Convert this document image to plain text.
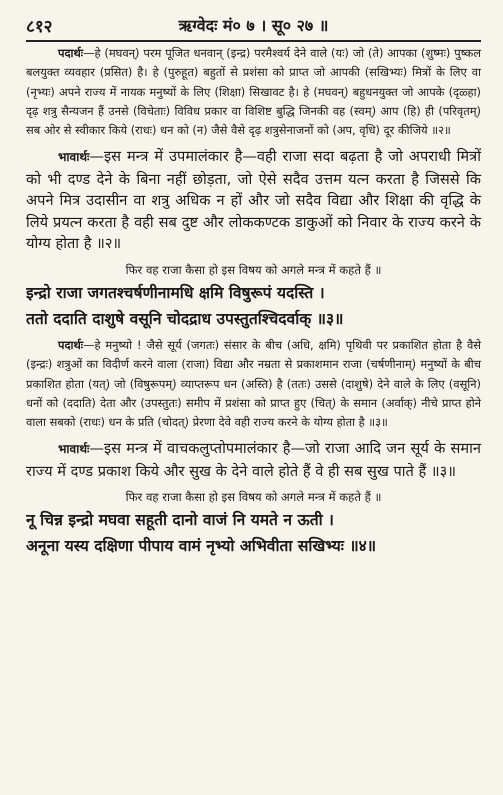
८१२	ऋग्वेदः मं० ७ । सू० २७ ॥

पदार्थः—हे (मघवन्) परम पूजित धनवान् (इन्द्र) परमैश्वर्य देने वाले (यः) जो (ते) आपका (शुष्मः) पुष्कल बलयुक्त व्यवहार (प्रसित) है। हे (पुरुहूत) बहुतों से प्रशंसा को प्राप्त जो आपकी (सखिभ्यः) मित्रों के लिए वा (नृभ्यः) अपने राज्य में नायक मनुष्यों के लिए (शिक्षा) सिखावट है। हे (मघवन्) बहुधनयुक्त जो आपके (दृळ्हा) दृढ़ शत्रु सैन्यजन हैं उनसे (विचेताः) विविध प्रकार वा विशिष्ट बुद्धि जिनकी वह (स्वम्) आप (हि) ही (परिवृतम्) सब ओर से स्वीकार किये (राधः) धन को (न) जैसे वैसे दृढ़ शत्रुसेनाजनों को (अप, वृधि) दूर कीजिये ॥२॥

भावार्थः—इस मन्त्र में उपमालंकार है—वही राजा सदा बढ़ता है जो अपराधी मित्रों को भी दण्ड देने के बिना नहीं छोड़ता, जो ऐसे सदैव उत्तम यत्न करता है जिससे कि अपने मित्र उदासीन वा शत्रु अधिक न हों और जो सदैव विद्या और शिक्षा की वृद्धि के लिये प्रयत्न करता है वही सब दुष्ट और लोककण्टक डाकुओं को निवार के राज्य करने के योग्य होता है ॥२॥

फिर वह राजा कैसा हो इस विषय को अगले मन्त्र में कहते हैं ॥

इन्द्रो राजा जगतश्चर्षणीनामधि क्षमि विषुरूपं यदस्ति ।

ततो ददाति दाशुषे वसूनि चोदद्राध उपस्तुतश्चिदर्वाक् ॥३॥

पदार्थः—हे मनुष्यो ! जैसे सूर्य (जगतः) संसार के बीच (अधि, क्षमि) पृथिवी पर प्रकाशित होता है वैसे (इन्द्रः) शत्रुओं का विदीर्ण करने वाला (राजा) विद्या और नम्रता से प्रकाशमान राजा (चर्षणीनाम्) मनुष्यों के बीच प्रकाशित होता (यत्) जो (विषुरूपम्) व्याप्तरूप धन (अस्ति) है (ततः) उससे (दाशुषे) देने वाले के लिए (वसूनि) धनों को (ददाति) देता और (उपस्तुतः) समीप में प्रशंसा को प्राप्त हुए (चित्) के समान (अर्वाक्) नीचे प्राप्त होने वाला सबको (राधः) धन के प्रति (चोदत्) प्रेरणा देवे वही राज्य करने के योग्य होता है ॥३॥

भावार्थः—इस मन्त्र में वाचकलुप्तोपमालंकार है—जो राजा आदि जन सूर्य के समान राज्य में दण्ड प्रकाश किये और सुख के देने वाले होते हैं वे ही सब सुख पाते हैं ॥३॥

फिर वह राजा कैसा हो इस विषय को अगले मन्त्र में कहते हैं ॥

नू चिन्न इन्द्रो मघवा सहूती दानो वाजं नि यमते न ऊती ।

अनूना यस्य दक्षिणा पीपाय वामं नृभ्यो अभिवीता सखिभ्यः ॥४॥
